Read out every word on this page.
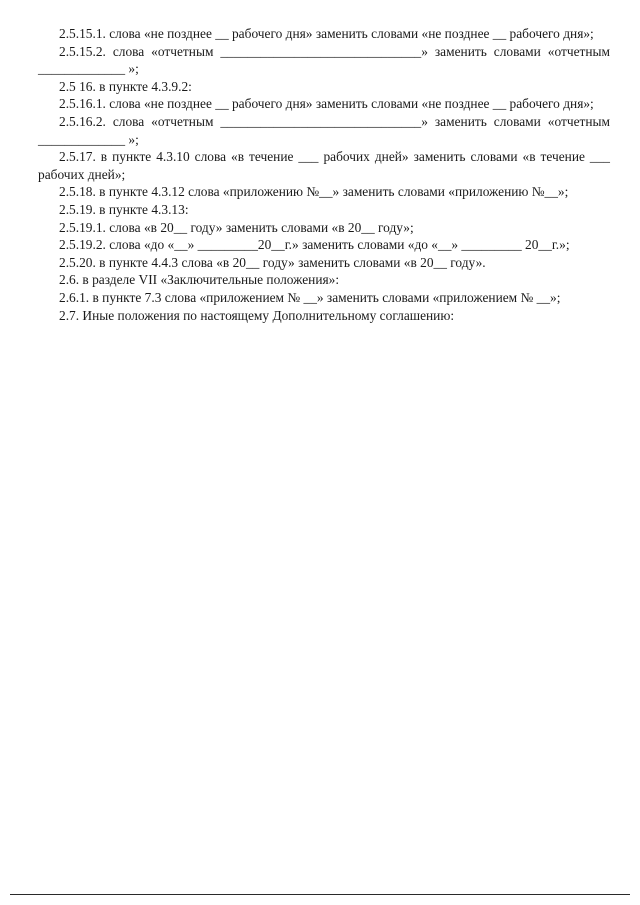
2.5.15.1. слова «не позднее __ рабочего дня» заменить словами «не позднее __ рабочего дня»;

2.5.15.2. слова «отчетным ______________________________» заменить словами «отчетным _____________ »;

2.5 16. в пункте 4.3.9.2:

2.5.16.1. слова «не позднее __ рабочего дня» заменить словами «не позднее __ рабочего дня»;

2.5.16.2. слова «отчетным ______________________________» заменить словами «отчетным _____________ »;

2.5.17. в пункте 4.3.10 слова «в течение ___ рабочих дней» заменить словами «в течение ___ рабочих дней»;

2.5.18. в пункте 4.3.12 слова «приложению №__» заменить словами «приложению №__»;

2.5.19. в пункте 4.3.13:

2.5.19.1. слова «в 20__ году» заменить словами «в 20__ году»;

2.5.19.2. слова «до «__» _________20__г.» заменить словами «до «__» _________ 20__г.»;

2.5.20. в пункте 4.4.3 слова «в 20__ году» заменить словами «в 20__ году».

2.6. в разделе VII «Заключительные положения»:

2.6.1. в пункте 7.3 слова «приложением № __» заменить словами «приложением № __»;

2.7. Иные положения по настоящему Дополнительному соглашению:
